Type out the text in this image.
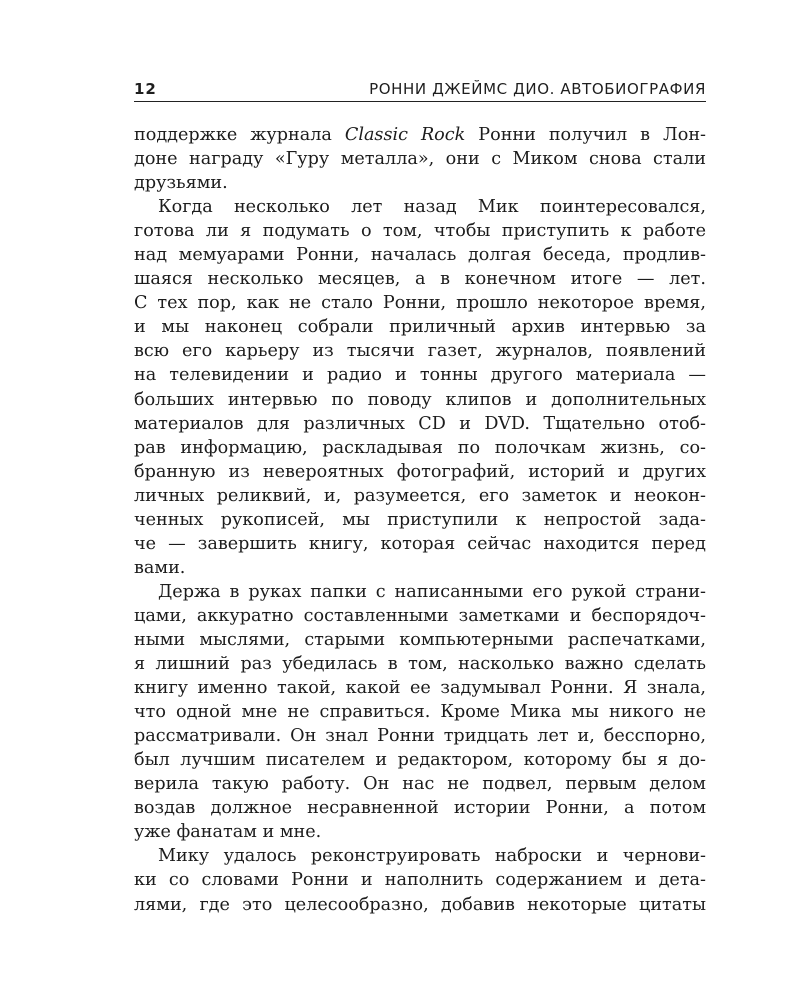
12	РОННИ ДЖЕЙМС ДИО. АВТОБИОГРАФИЯ
поддержке журнала Classic Rock Ронни получил в Лон-
доне награду «Гуру металла», они с Миком снова стали
друзьями.
Когда несколько лет назад Мик поинтересовался,
готова ли я подумать о том, чтобы приступить к работе
над мемуарами Ронни, началась долгая беседа, продлив-
шаяся несколько месяцев, а в конечном итоге — лет.
С тех пор, как не стало Ронни, прошло некоторое время,
и мы наконец собрали приличный архив интервью за
всю его карьеру из тысячи газет, журналов, появлений
на телевидении и радио и тонны другого материала —
больших интервью по поводу клипов и дополнительных
материалов для различных CD и DVD. Тщательно отоб-
рав информацию, раскладывая по полочкам жизнь, со-
бранную из невероятных фотографий, историй и других
личных реликвий, и, разумеется, его заметок и неокон-
ченных рукописей, мы приступили к непростой зада-
че — завершить книгу, которая сейчас находится перед
вами.
Держа в руках папки с написанными его рукой страни-
цами, аккуратно составленными заметками и беспорядоч-
ными мыслями, старыми компьютерными распечатками,
я лишний раз убедилась в том, насколько важно сделать
книгу именно такой, какой ее задумывал Ронни. Я знала,
что одной мне не справиться. Кроме Мика мы никого не
рассматривали. Он знал Ронни тридцать лет и, бесспорно,
был лучшим писателем и редактором, которому бы я до-
верила такую работу. Он нас не подвел, первым делом
воздав должное несравненной истории Ронни, а потом
уже фанатам и мне.
Мику удалось реконструировать наброски и чернови-
ки со словами Ронни и наполнить содержанием и дета-
лями, где это целесообразно, добавив некоторые цитаты
